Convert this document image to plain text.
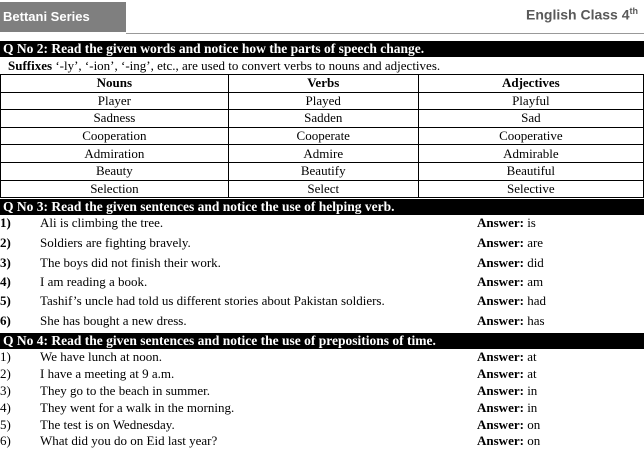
Bettani Series	English Class 4th
Q No 2: Read the given words and notice how the parts of speech change.
Suffixes ‘-ly’, ‘-ion’, ‘-ing’, etc., are used to convert verbs to nouns and adjectives.
Nouns	Verbs	Adjectives
Player	Played	Playful
Sadness	Sadden	Sad
Cooperation	Cooperate	Cooperative
Admiration	Admire	Admirable
Beauty	Beautify	Beautiful
Selection	Select	Selective
Q No 3: Read the given sentences and notice the use of helping verb.
1) Ali is climbing the tree.	Answer: is
2) Soldiers are fighting bravely.	Answer: are
3) The boys did not finish their work.	Answer: did
4) I am reading a book.	Answer: am
5) Tashif’s uncle had told us different stories about Pakistan soldiers.	Answer: had
6) She has bought a new dress.	Answer: has
Q No 4: Read the given sentences and notice the use of prepositions of time.
1) We have lunch at noon.	Answer: at
2) I have a meeting at 9 a.m.	Answer: at
3) They go to the beach in summer.	Answer: in
4) They went for a walk in the morning.	Answer: in
5) The test is on Wednesday.	Answer: on
6) What did you do on Eid last year?	Answer: on
